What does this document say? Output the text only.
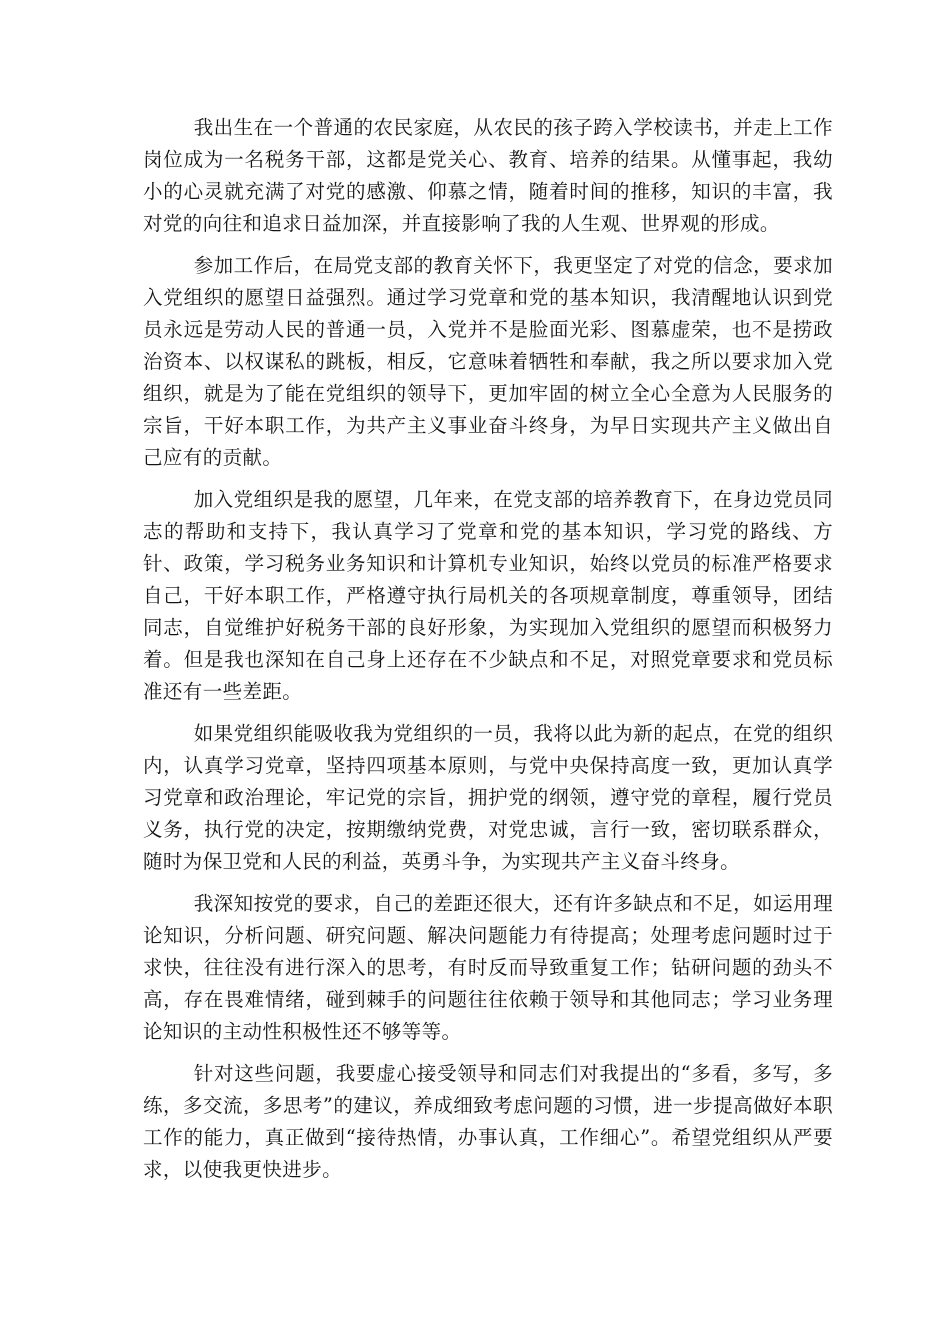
我出生在一个普通的农民家庭，从农民的孩子跨入学校读书，并走上工作岗位成为一名税务干部，这都是党关心、教育、培养的结果。从懂事起，我幼小的心灵就充满了对党的感激、仰慕之情，随着时间的推移，知识的丰富，我对党的向往和追求日益加深，并直接影响了我的人生观、世界观的形成。

参加工作后，在局党支部的教育关怀下，我更坚定了对党的信念，要求加入党组织的愿望日益强烈。通过学习党章和党的基本知识，我清醒地认识到党员永远是劳动人民的普通一员，入党并不是脸面光彩、图慕虚荣，也不是捞政治资本、以权谋私的跳板，相反，它意味着牺牲和奉献，我之所以要求加入党组织，就是为了能在党组织的领导下，更加牢固的树立全心全意为人民服务的宗旨，干好本职工作，为共产主义事业奋斗终身，为早日实现共产主义做出自己应有的贡献。

加入党组织是我的愿望，几年来，在党支部的培养教育下，在身边党员同志的帮助和支持下，我认真学习了党章和党的基本知识，学习党的路线、方针、政策，学习税务业务知识和计算机专业知识，始终以党员的标准严格要求自己，干好本职工作，严格遵守执行局机关的各项规章制度，尊重领导，团结同志，自觉维护好税务干部的良好形象，为实现加入党组织的愿望而积极努力着。但是我也深知在自己身上还存在不少缺点和不足，对照党章要求和党员标准还有一些差距。

如果党组织能吸收我为党组织的一员，我将以此为新的起点，在党的组织内，认真学习党章，坚持四项基本原则，与党中央保持高度一致，更加认真学习党章和政治理论，牢记党的宗旨，拥护党的纲领，遵守党的章程，履行党员义务，执行党的决定，按期缴纳党费，对党忠诚，言行一致，密切联系群众，随时为保卫党和人民的利益，英勇斗争，为实现共产主义奋斗终身。

我深知按党的要求，自己的差距还很大，还有许多缺点和不足，如运用理论知识，分析问题、研究问题、解决问题能力有待提高；处理考虑问题时过于求快，往往没有进行深入的思考，有时反而导致重复工作；钻研问题的劲头不高，存在畏难情绪，碰到棘手的问题往往依赖于领导和其他同志；学习业务理论知识的主动性积极性还不够等等。

针对这些问题，我要虚心接受领导和同志们对我提出的“多看，多写，多练，多交流，多思考”的建议，养成细致考虑问题的习惯，进一步提高做好本职工作的能力，真正做到“接待热情，办事认真，工作细心”。希望党组织从严要求，以使我更快进步。
